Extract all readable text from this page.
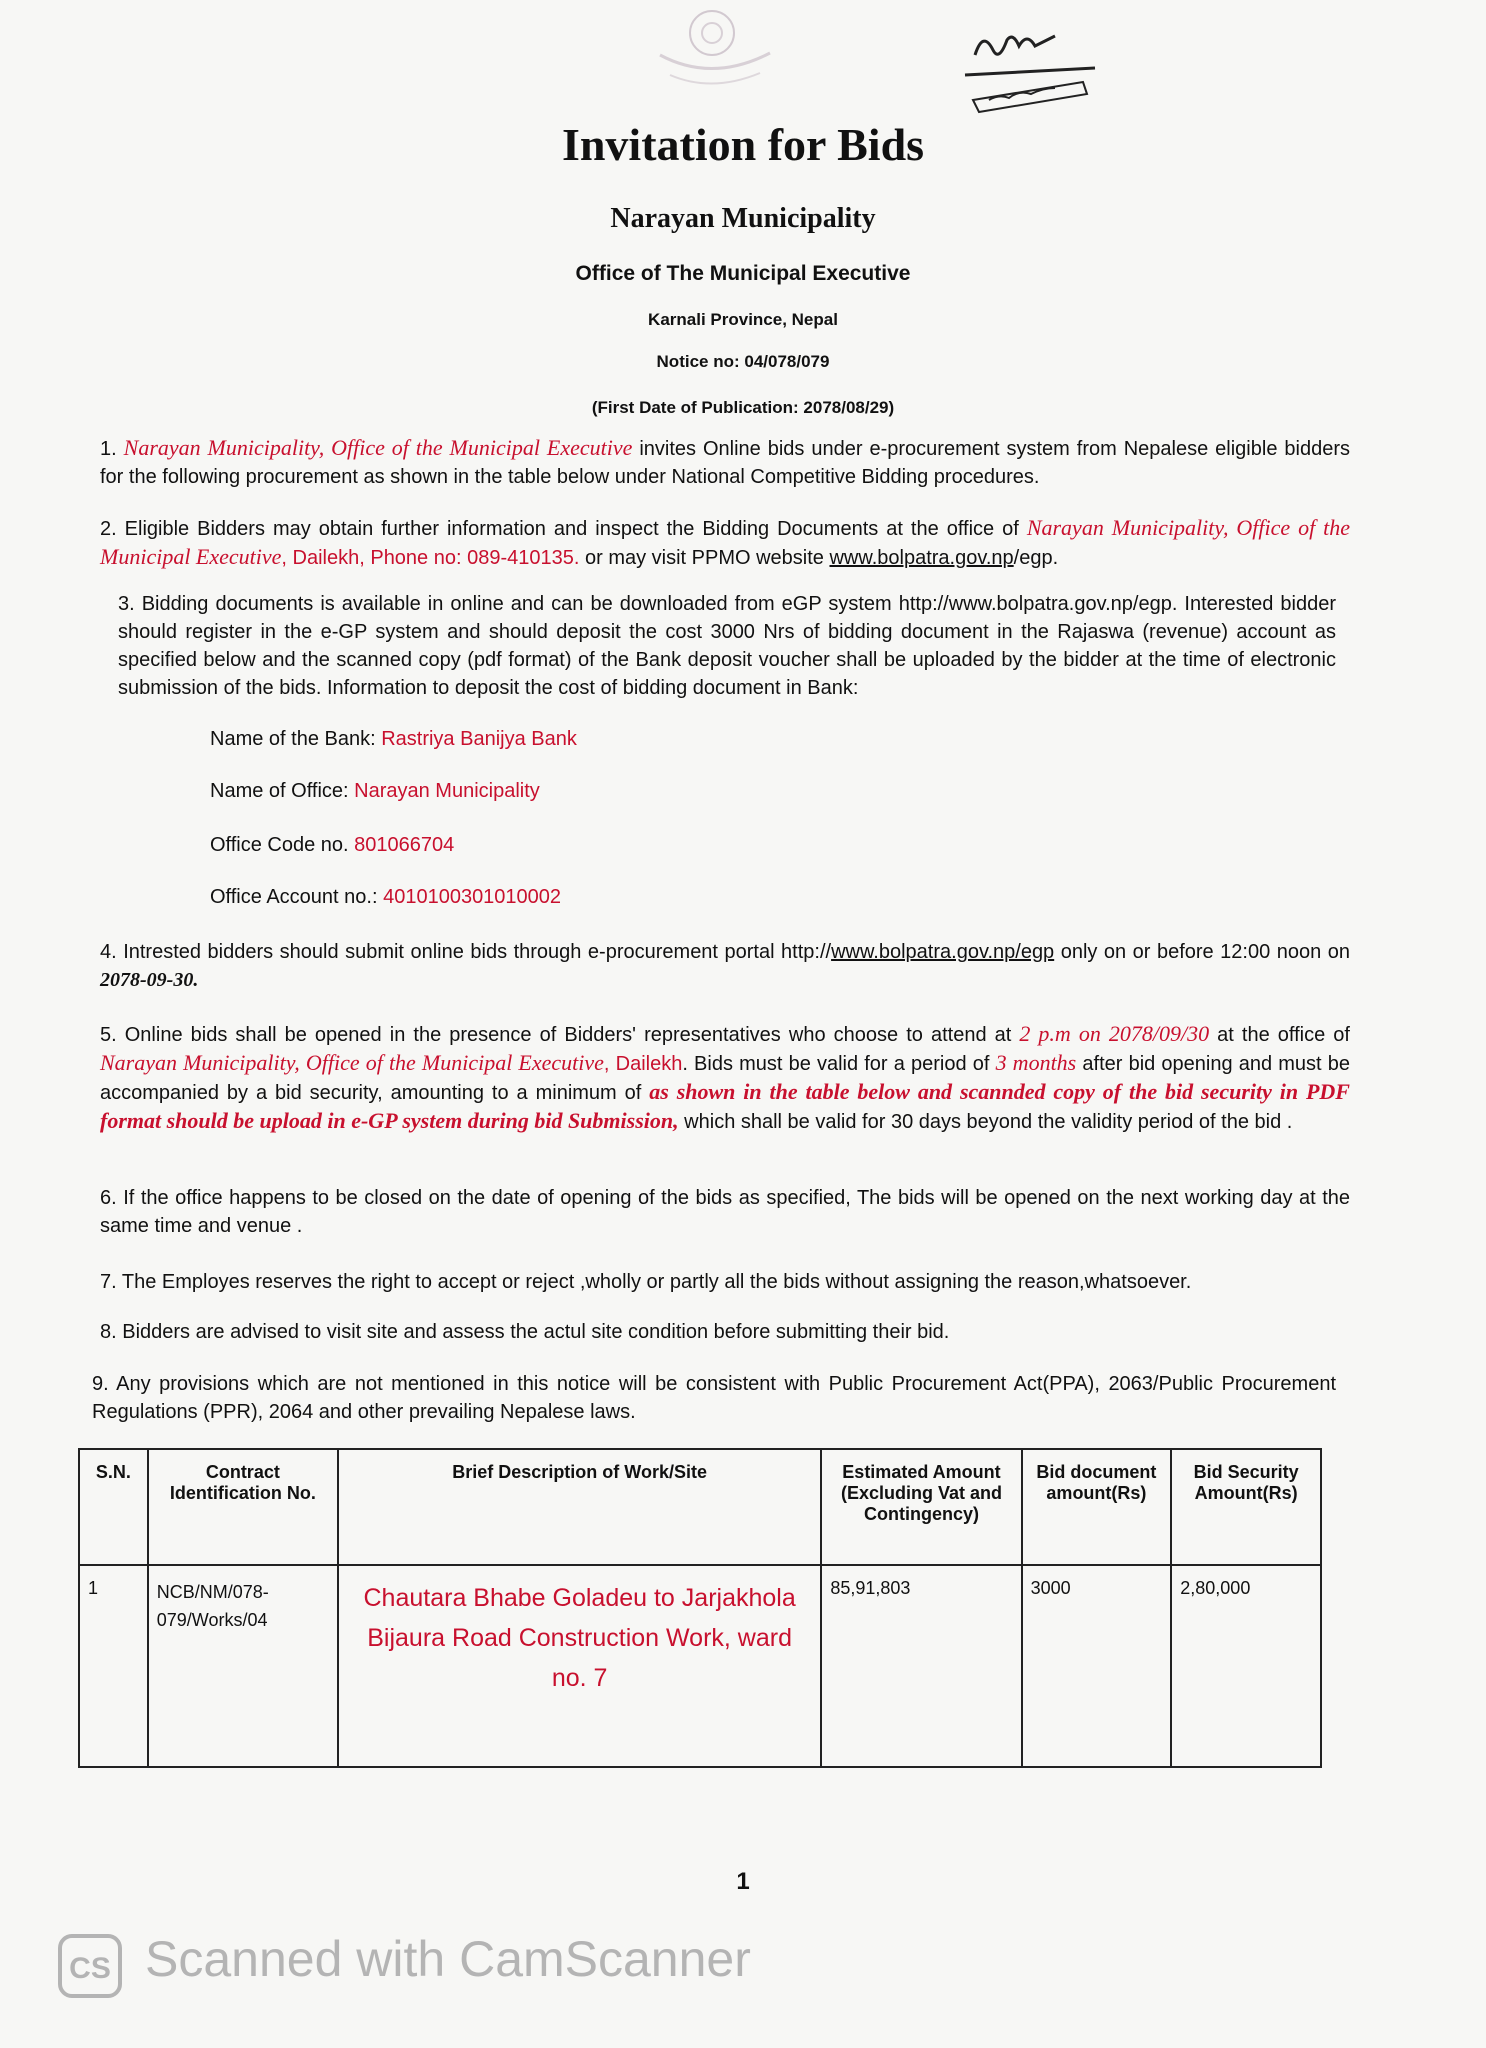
Invitation for Bids
Narayan Municipality
Office of The Municipal Executive
Karnali Province, Nepal
Notice no: 04/078/079
(First Date of Publication: 2078/08/29)
1. Narayan Municipality, Office of the Municipal Executive invites Online bids under e-procurement system from Nepalese eligible bidders for the following procurement as shown in the table below under National Competitive Bidding procedures.
2. Eligible Bidders may obtain further information and inspect the Bidding Documents at the office of Narayan Municipality, Office of the Municipal Executive, Dailekh, Phone no: 089-410135. or may visit PPMO website www.bolpatra.gov.np/egp.
3. Bidding documents is available in online and can be downloaded from eGP system http://www.bolpatra.gov.np/egp. Interested bidder should register in the e-GP system and should deposit the cost 3000 Nrs of bidding document in the Rajaswa (revenue) account as specified below and the scanned copy (pdf format) of the Bank deposit voucher shall be uploaded by the bidder at the time of electronic submission of the bids. Information to deposit the cost of bidding document in Bank:
Name of the Bank: Rastriya Banijya Bank
Name of Office: Narayan Municipality
Office Code no. 801066704
Office Account no.: 4010100301010002
4. Intrested bidders should submit online bids through e-procurement portal http://www.bolpatra.gov.np/egp only on or before 12:00 noon on 2078-09-30.
5. Online bids shall be opened in the presence of Bidders' representatives who choose to attend at 2 p.m on 2078/09/30 at the office of Narayan Municipality, Office of the Municipal Executive, Dailekh. Bids must be valid for a period of 3 months after bid opening and must be accompanied by a bid security, amounting to a minimum of as shown in the table below and scannded copy of the bid security in PDF format should be upload in e-GP system during bid Submission, which shall be valid for 30 days beyond the validity period of the bid .
6. If the office happens to be closed on the date of opening of the bids as specified, The bids will be opened on the next working day at the same time and venue .
7. The Employes reserves the right to accept or reject ,wholly or partly all the bids without assigning the reason,whatsoever.
8. Bidders are advised to visit site and assess the actul site condition before submitting their bid.
9. Any provisions which are not mentioned in this notice will be consistent with Public Procurement Act(PPA), 2063/Public Procurement Regulations (PPR), 2064 and other prevailing Nepalese laws.
S.N.	Contract Identification No.	Brief Description of Work/Site	Estimated Amount (Excluding Vat and Contingency)	Bid document amount(Rs)	Bid Security Amount(Rs)
1	NCB/NM/078-079/Works/04	Chautara Bhabe Goladeu to Jarjakhola Bijaura Road Construction Work, ward no. 7	85,91,803	3000	2,80,000
1
CS Scanned with CamScanner
